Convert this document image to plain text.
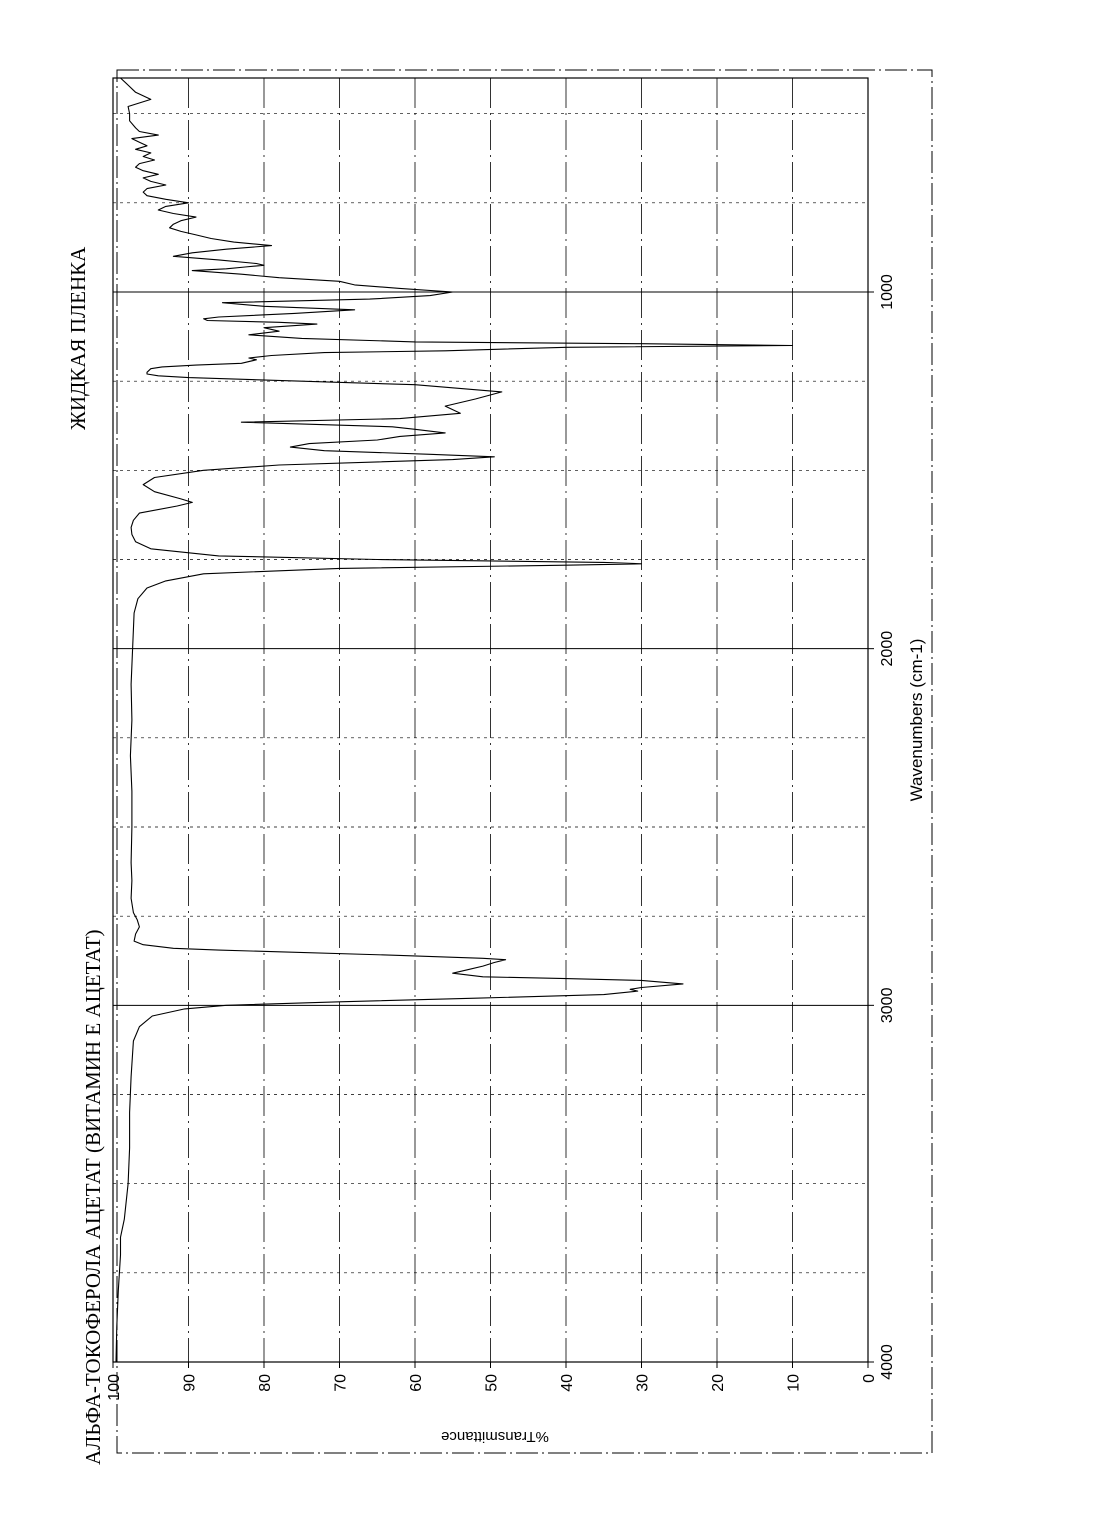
0
10
20
30
40
50
60
70
80
90
100
4000
3000
2000
1000
АЛЬФА-ТОКОФЕРОЛА АЦЕТАТ (ВИТАМИН Е АЦЕТАТ)
ЖИДКАЯ ПЛЕНКА
Wavenumbers (cm-1)
%Transmittance
